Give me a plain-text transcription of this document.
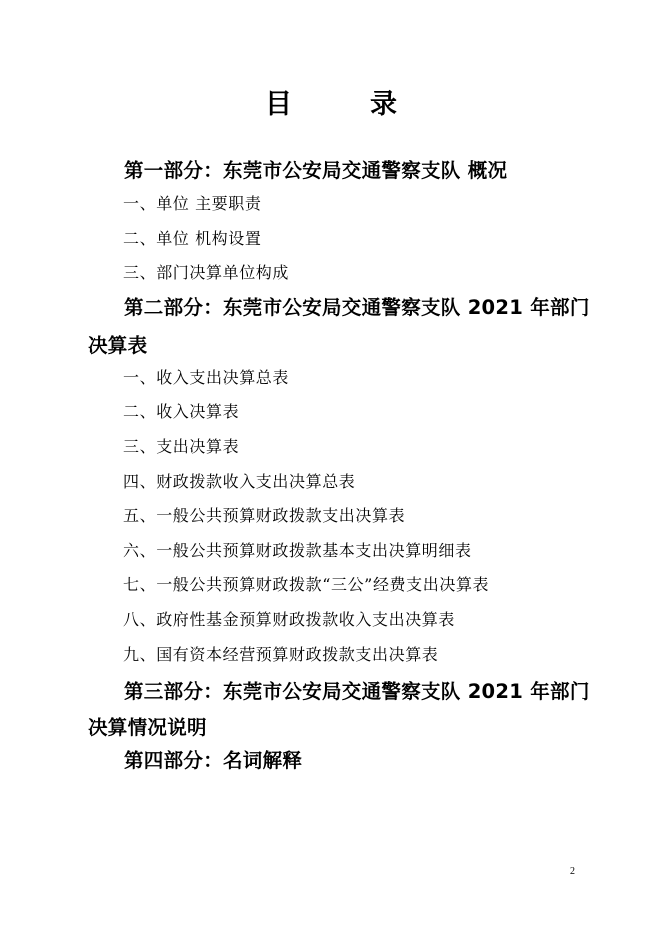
目	录
第一部分：东莞市公安局交通警察支队 概况
一、单位 主要职责
二、单位 机构设置
三、部门决算单位构成
第二部分：东莞市公安局交通警察支队 2021 年部门
决算表
一、收入支出决算总表
二、收入决算表
三、支出决算表
四、财政拨款收入支出决算总表
五、一般公共预算财政拨款支出决算表
六、一般公共预算财政拨款基本支出决算明细表
七、一般公共预算财政拨款“三公”经费支出决算表
八、政府性基金预算财政拨款收入支出决算表
九、国有资本经营预算财政拨款支出决算表
第三部分：东莞市公安局交通警察支队 2021 年部门
决算情况说明
第四部分：名词解释
2
